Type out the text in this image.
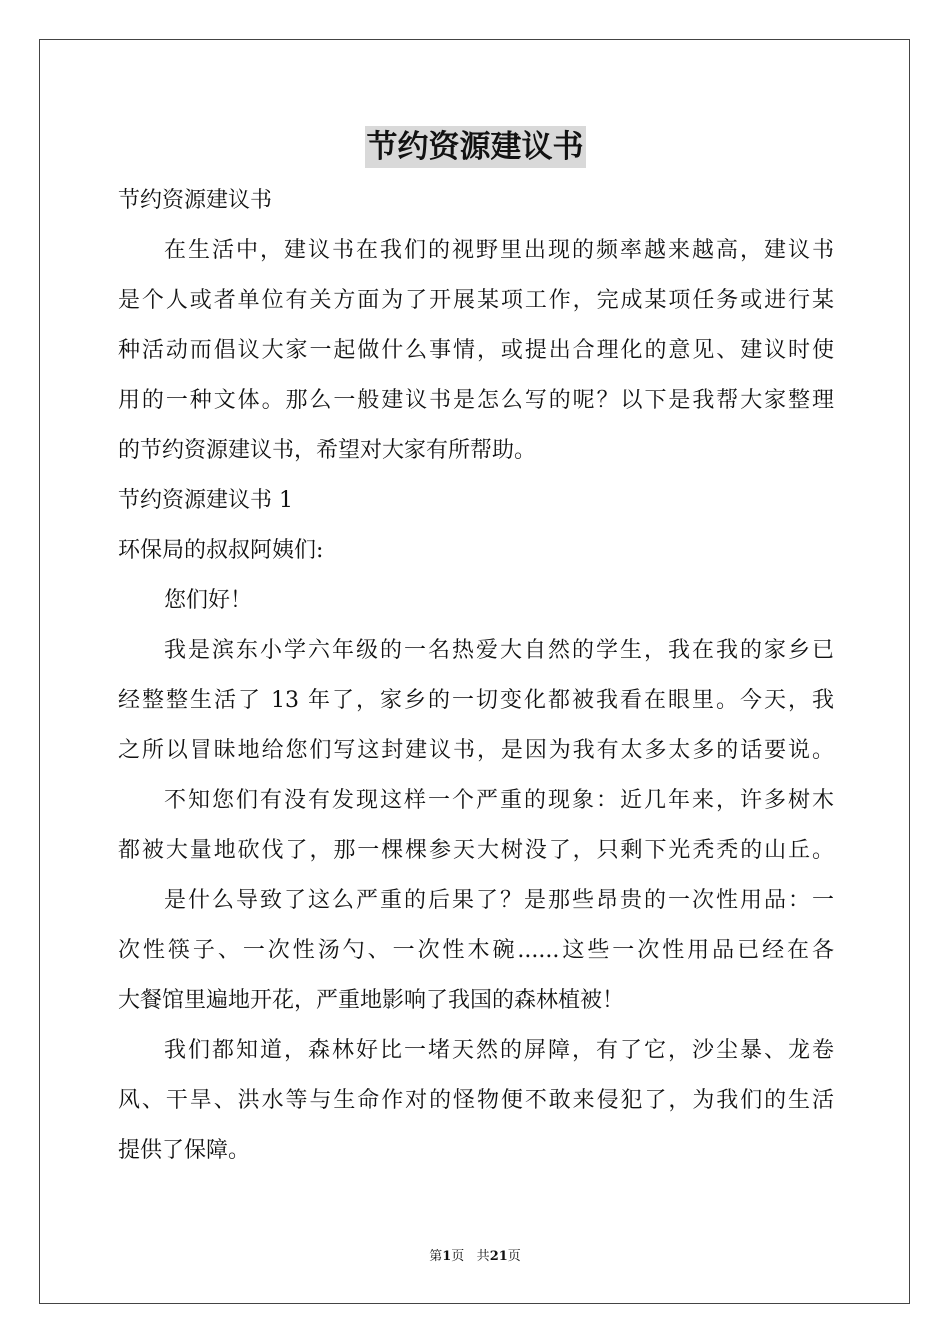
节约资源建议书
节约资源建议书
在生活中，建议书在我们的视野里出现的频率越来越高，建议书
是个人或者单位有关方面为了开展某项工作，完成某项任务或进行某
种活动而倡议大家一起做什么事情，或提出合理化的意见、建议时使
用的一种文体。那么一般建议书是怎么写的呢？以下是我帮大家整理
的节约资源建议书，希望对大家有所帮助。
节约资源建议书 1
环保局的叔叔阿姨们:
您们好！
我是滨东小学六年级的一名热爱大自然的学生，我在我的家乡已
经整整生活了 13 年了，家乡的一切变化都被我看在眼里。今天，我
之所以冒昧地给您们写这封建议书，是因为我有太多太多的话要说。
不知您们有没有发现这样一个严重的现象：近几年来，许多树木
都被大量地砍伐了，那一棵棵参天大树没了，只剩下光秃秃的山丘。
是什么导致了这么严重的后果了？是那些昂贵的一次性用品：一
次性筷子、一次性汤勺、一次性木碗......这些一次性用品已经在各
大餐馆里遍地开花，严重地影响了我国的森林植被！
我们都知道，森林好比一堵天然的屏障，有了它，沙尘暴、龙卷
风、干旱、洪水等与生命作对的怪物便不敢来侵犯了，为我们的生活
提供了保障。
第1页 共21页
